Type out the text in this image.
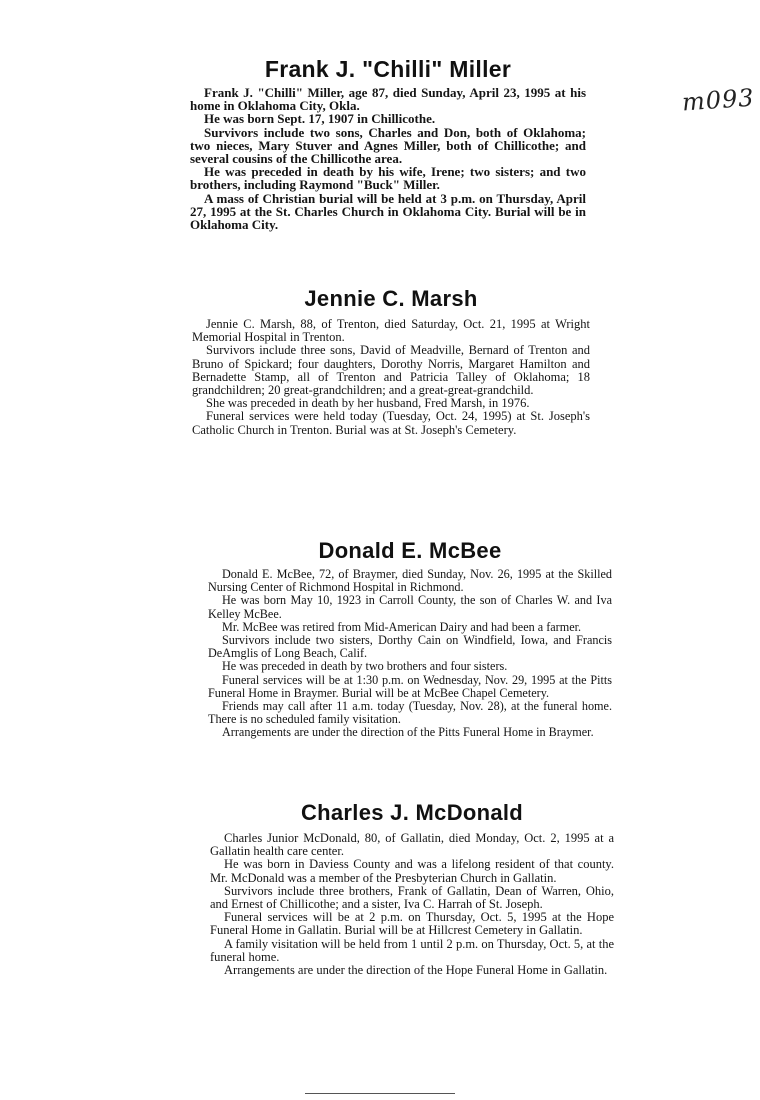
m093
Frank J. "Chilli" Miller

Frank J. "Chilli" Miller, age 87, died Sunday, April 23, 1995 at his home in Oklahoma City, Okla.

He was born Sept. 17, 1907 in Chillicothe.

Survivors include two sons, Charles and Don, both of Oklahoma; two nieces, Mary Stuver and Agnes Miller, both of Chillicothe; and several cousins of the Chillicothe area.

He was preceded in death by his wife, Irene; two sisters; and two brothers, including Raymond "Buck" Miller.

A mass of Christian burial will be held at 3 p.m. on Thursday, April 27, 1995 at the St. Charles Church in Oklahoma City. Burial will be in Oklahoma City.

Jennie C. Marsh

Jennie C. Marsh, 88, of Trenton, died Saturday, Oct. 21, 1995 at Wright Memorial Hospital in Trenton.

Survivors include three sons, David of Meadville, Bernard of Trenton and Bruno of Spickard; four daughters, Dorothy Norris, Margaret Hamilton and Bernadette Stamp, all of Trenton and Patricia Talley of Oklahoma; 18 grandchildren; 20 great-grandchildren; and a great-great-grandchild.

She was preceded in death by her husband, Fred Marsh, in 1976.

Funeral services were held today (Tuesday, Oct. 24, 1995) at St. Joseph's Catholic Church in Trenton. Burial was at St. Joseph's Cemetery.

Donald E. McBee

Donald E. McBee, 72, of Braymer, died Sunday, Nov. 26, 1995 at the Skilled Nursing Center of Richmond Hospital in Richmond.

He was born May 10, 1923 in Carroll County, the son of Charles W. and Iva Kelley McBee.

Mr. McBee was retired from Mid-American Dairy and had been a farmer.

Survivors include two sisters, Dorthy Cain on Windfield, Iowa, and Francis DeAmglis of Long Beach, Calif.

He was preceded in death by two brothers and four sisters.

Funeral services will be at 1:30 p.m. on Wednesday, Nov. 29, 1995 at the Pitts Funeral Home in Braymer. Burial will be at McBee Chapel Cemetery.

Friends may call after 11 a.m. today (Tuesday, Nov. 28), at the funeral home. There is no scheduled family visitation.

Arrangements are under the direction of the Pitts Funeral Home in Braymer.

Charles J. McDonald

Charles Junior McDonald, 80, of Gallatin, died Monday, Oct. 2, 1995 at a Gallatin health care center.

He was born in Daviess County and was a lifelong resident of that county. Mr. McDonald was a member of the Presbyterian Church in Gallatin.

Survivors include three brothers, Frank of Gallatin, Dean of Warren, Ohio, and Ernest of Chillicothe; and a sister, Iva C. Harrah of St. Joseph.

Funeral services will be at 2 p.m. on Thursday, Oct. 5, 1995 at the Hope Funeral Home in Gallatin. Burial will be at Hillcrest Cemetery in Gallatin.

A family visitation will be held from 1 until 2 p.m. on Thursday, Oct. 5, at the funeral home.

Arrangements are under the direction of the Hope Funeral Home in Gallatin.
